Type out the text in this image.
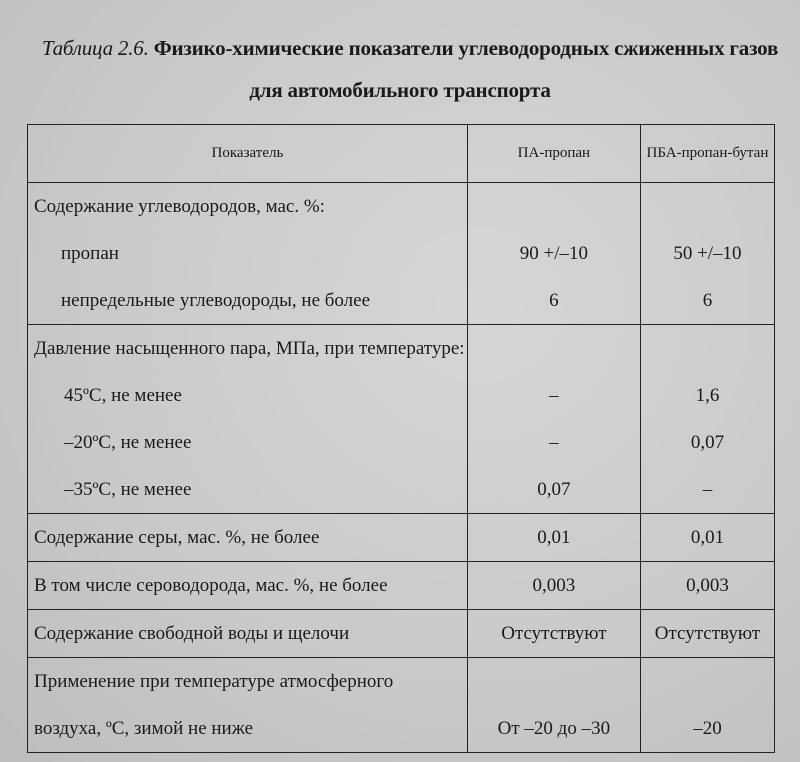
Таблица 2.6. Физико-химические показатели углеводородных сжиженных газов
для автомобильного транспорта
Показатель	ПА-пропан	ПБА-пропан-бутан
Содержание углеводородов, мас. %:		
пропан	90 +/–10	50 +/–10
непредельные углеводороды, не более	6	6
Давление насыщенного пара, МПа, при температуре:		
45ºС, не менее	–	1,6
–20ºС, не менее	–	0,07
–35ºС, не менее	0,07	–
Содержание серы, мас. %, не более	0,01	0,01
В том числе сероводорода, мас. %, не более	0,003	0,003
Содержание свободной воды и щелочи	Отсутствуют	Отсутствуют
Применение при температуре атмосферного		
воздуха, ºС, зимой не ниже	От –20 до –30	–20
